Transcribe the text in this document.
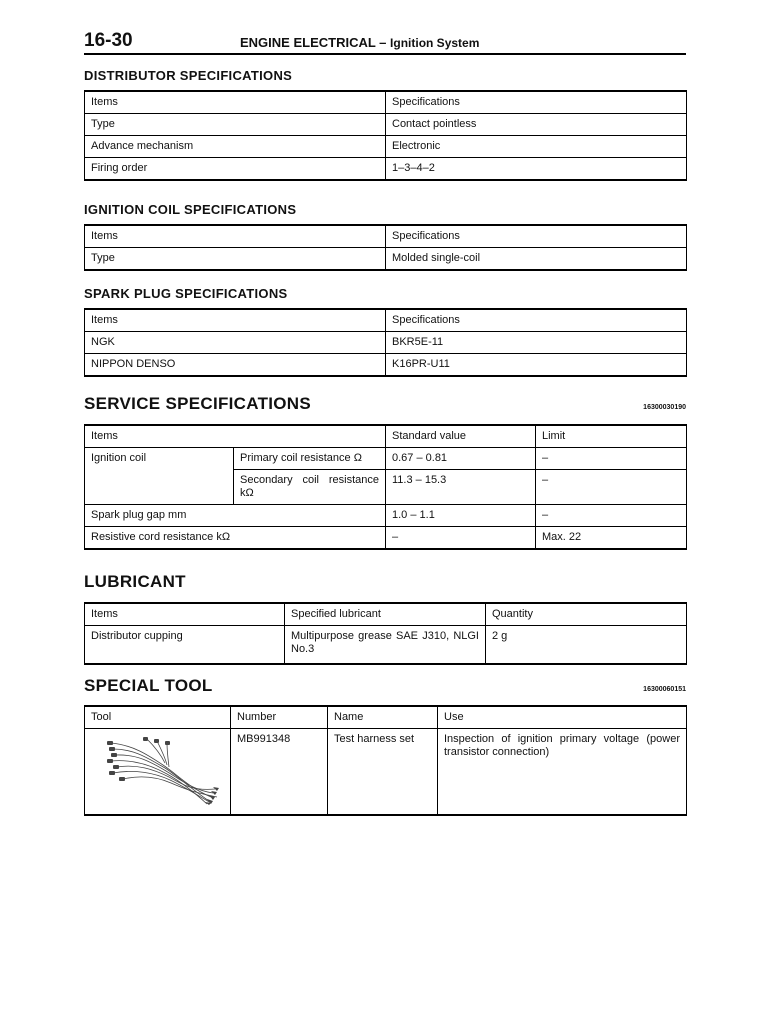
16-30	ENGINE ELECTRICAL – Ignition System
DISTRIBUTOR SPECIFICATIONS
Items	Specifications
Type	Contact pointless
Advance mechanism	Electronic
Firing order	1–3–4–2
IGNITION COIL SPECIFICATIONS
Items	Specifications
Type	Molded single-coil
SPARK PLUG SPECIFICATIONS
Items	Specifications
NGK	BKR5E-11
NIPPON DENSO	K16PR-U11
SERVICE SPECIFICATIONS	16300030190
Items		Standard value	Limit
Ignition coil	Primary coil resistance Ω	0.67 – 0.81	–
	Secondary coil resistance kΩ	11.3 – 15.3	–
Spark plug gap mm		1.0 – 1.1	–
Resistive cord resistance kΩ		–	Max. 22
LUBRICANT
Items	Specified lubricant	Quantity
Distributor cupping	Multipurpose grease SAE J310, NLGI No.3	2 g
SPECIAL TOOL	16300060151
Tool	Number	Name	Use

	MB991348	Test harness set	Inspection of ignition primary voltage (power transistor connection)
